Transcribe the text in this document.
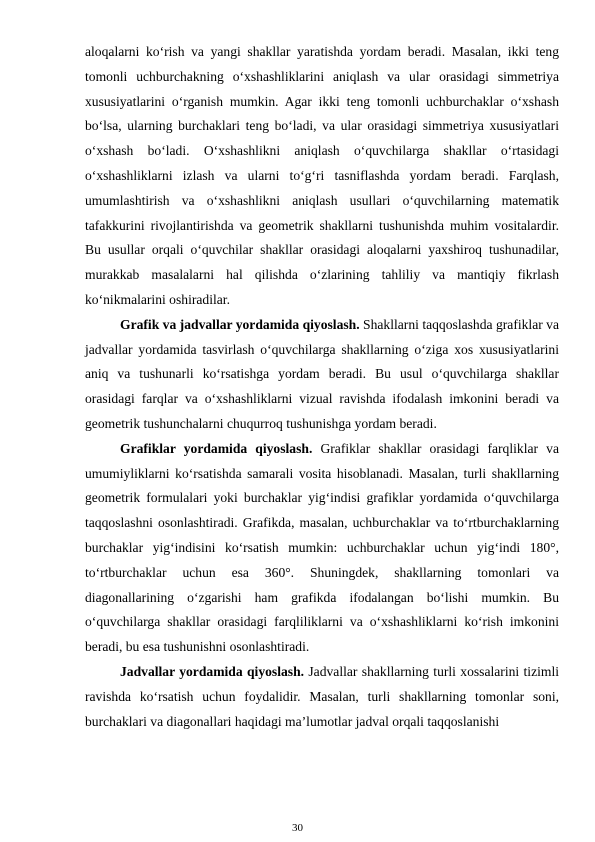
aloqalarni ko‘rish va yangi shakllar yaratishda yordam beradi. Masalan, ikki teng tomonli uchburchakning o‘xshashliklarini aniqlash va ular orasidagi simmetriya xususiyatlarini o‘rganish mumkin. Agar ikki teng tomonli uchburchaklar o‘xshash bo‘lsa, ularning burchaklari teng bo‘ladi, va ular orasidagi simmetriya xususiyatlari o‘xshash bo‘ladi. O‘xshashlikni aniqlash o‘quvchilarga shakllar o‘rtasidagi o‘xshashliklarni izlash va ularni to‘g‘ri tasniflashda yordam beradi. Farqlash, umumlashtirish va o‘xshashlikni aniqlash usullari o‘quvchilarning matematik tafakkurini rivojlantirishda va geometrik shakllarni tushunishda muhim vositalardir. Bu usullar orqali o‘quvchilar shakllar orasidagi aloqalarni yaxshiroq tushunadilar, murakkab masalalarni hal qilishda o‘zlarining tahliliy va mantiqiy fikrlash ko‘nikmalarini oshiradilar.

Grafik va jadvallar yordamida qiyoslash. Shakllarni taqqoslashda grafiklar va jadvallar yordamida tasvirlash o‘quvchilarga shakllarning o‘ziga xos xususiyatlarini aniq va tushunarli ko‘rsatishga yordam beradi. Bu usul o‘quvchilarga shakllar orasidagi farqlar va o‘xshashliklarni vizual ravishda ifodalash imkonini beradi va geometrik tushunchalarni chuqurroq tushunishga yordam beradi.

Grafiklar yordamida qiyoslash. Grafiklar shakllar orasidagi farqliklar va umumiyliklarni ko‘rsatishda samarali vosita hisoblanadi. Masalan, turli shakllarning geometrik formulalari yoki burchaklar yig‘indisi grafiklar yordamida o‘quvchilarga taqqoslashni osonlashtiradi. Grafikda, masalan, uchburchaklar va to‘rtburchaklarning burchaklar yig‘indisini ko‘rsatish mumkin: uchburchaklar uchun yig‘indi 180°, to‘rtburchaklar uchun esa 360°. Shuningdek, shakllarning tomonlari va diagonallarining o‘zgarishi ham grafikda ifodalangan bo‘lishi mumkin. Bu o‘quvchilarga shakllar orasidagi farqliliklarni va o‘xshashliklarni ko‘rish imkonini beradi, bu esa tushunishni osonlashtiradi.

Jadvallar yordamida qiyoslash. Jadvallar shakllarning turli xossalarini tizimli ravishda ko‘rsatish uchun foydalidir. Masalan, turli shakllarning tomonlar soni, burchaklari va diagonallari haqidagi ma’lumotlar jadval orqali taqqoslanishi

30
